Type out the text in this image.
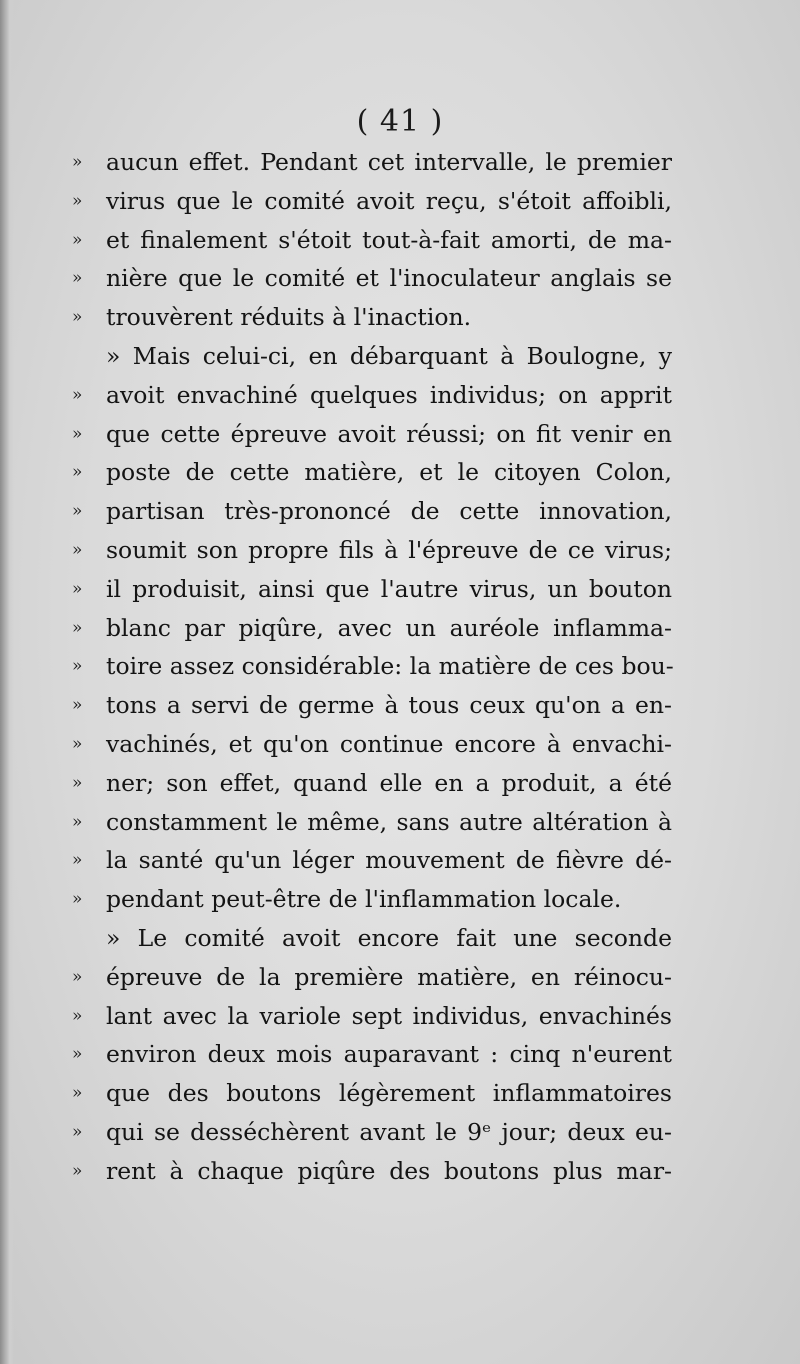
( 41 )
»	aucun effet. Pendant cet intervalle, le premier
»	virus que le comité avoit reçu, s'étoit affoibli,
»	et finalement s'étoit tout-à-fait amorti, de ma-
»	nière que le comité et l'inoculateur anglais se
»	trouvèrent réduits à l'inaction.
» Mais celui-ci, en débarquant à Boulogne, y
»	avoit envachiné quelques individus; on apprit
»	que cette épreuve avoit réussi; on fit venir en
»	poste de cette matière, et le citoyen Colon,
»	partisan très-prononcé de cette innovation,
»	soumit son propre fils à l'épreuve de ce virus;
»	il produisit, ainsi que l'autre virus, un bouton
»	blanc par piqûre, avec un auréole inflamma-
»	toire assez considérable: la matière de ces bou-
»	tons a servi de germe à tous ceux qu'on a en-
»	vachinés, et qu'on continue encore à envachi-
»	ner; son effet, quand elle en a produit, a été
»	constamment le même, sans autre altération à
»	la santé qu'un léger mouvement de fièvre dé-
»	pendant peut-être de l'inflammation locale.
» Le comité avoit encore fait une seconde
»	épreuve de la première matière, en réinocu-
»	lant avec la variole sept individus, envachinés
»	environ deux mois auparavant : cinq n'eurent
»	que des boutons légèrement inflammatoires
»	qui se desséchèrent avant le 9ᵉ jour; deux eu-
»	rent à chaque piqûre des boutons plus mar-
